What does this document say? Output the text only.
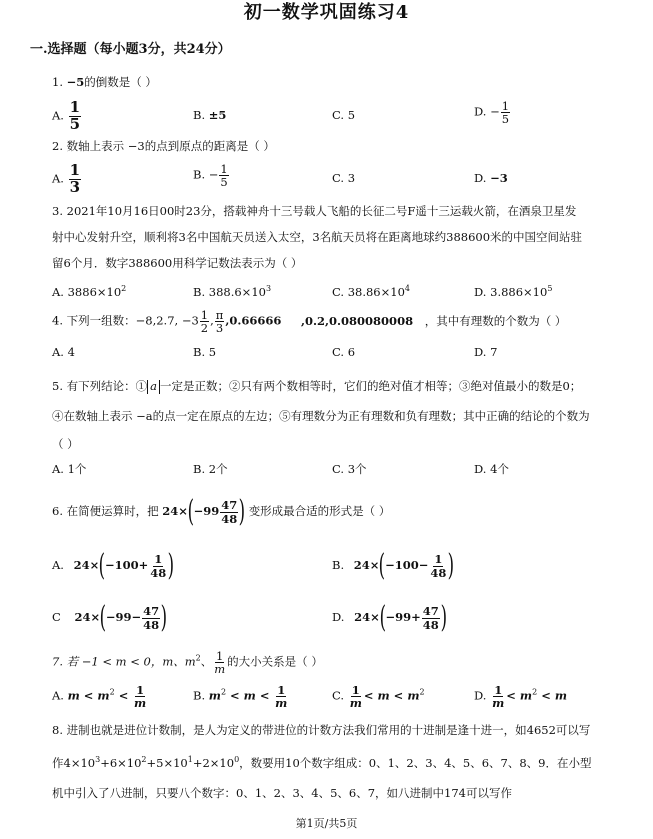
初一数学巩固练习4
一.选择题（每小题3分，共24分）
1. −5的倒数是（ ）
A. $\frac{1}{5}$	B. ±5	C. 5	D. − $\frac{1}{5}$
2. 数轴上表示 −3的点到原点的距离是（ ）
A. $\frac{1}{3}$	B. − $\frac{1}{5}$	C. 3	D. −3
3. 2021年10月16日00时23分，搭载神舟十三号载人飞船的长征二号F遥十三运载火箭，在酒泉卫星发
射中心发射升空，顺利将3名中国航天员送入太空，3名航天员将在距离地球约388600米的中国空间站驻
留6个月．数字388600用科学记数法表示为（ ）
A. $3886\times 10^2$	B. $388.6\times 10^3$	C. $38.86\times 10^4$	D. $3.886\times 10^5$
4. 下列一组数：−8,2.7, $-3 \frac{1}{2}$ , $\frac{\pi}{3} ,0.66666$ ,0.2,0.080080008 ，其中有理数的个数为（ ）
A. 4	B. 5	C. 6	D. 7
5. 有下列结论：① a 一定是正数；②只有两个数相等时，它们的绝对值才相等；③绝对值最小的数是0；
④在数轴上表示 −a的点一定在原点的左边；⑤有理数分为正有理数和负有理数；其中正确的结论的个数为
（ ）
A. 1个	B. 2个	C. 3个	D. 4个
6. 在简便运算时，把 $24\times(-99 \frac{47}{48}$ ) 变形成最合适的形式是（ ）
A. $24\times(-100+ \frac{1}{48}$ )	B. $24\times(-100- \frac{1}{48}$ )
C $24\times(-99- \frac{47}{48}$ )	D. $24\times(-99+ \frac{47}{48}$ )
7. 若 −1 < m < 0，m、$m^2$、 $\frac{1}{m}$ 的大小关系是（ ）
A. $m < m^2 < \frac{1}{m}$	B. $m^2 < m < \frac{1}{m}$	C. $\frac{1}{m} < m < m^2$	D. $\frac{1}{m} < m^2 < m$
8. 进制也就是进位计数制，是人为定义的带进位的计数方法我们常用的十进制是逢十进一，如4652可以写
作$4\times 10^3+6\times 10^2+5\times 10^1+2\times 10^0$，数要用10个数字组成：0、1、2、3、4、5、6、7、8、9．在小型
机中引入了八进制，只要八个数字：0、1、2、3、4、5、6、7，如八进制中174可以写作
第1页/共5页
